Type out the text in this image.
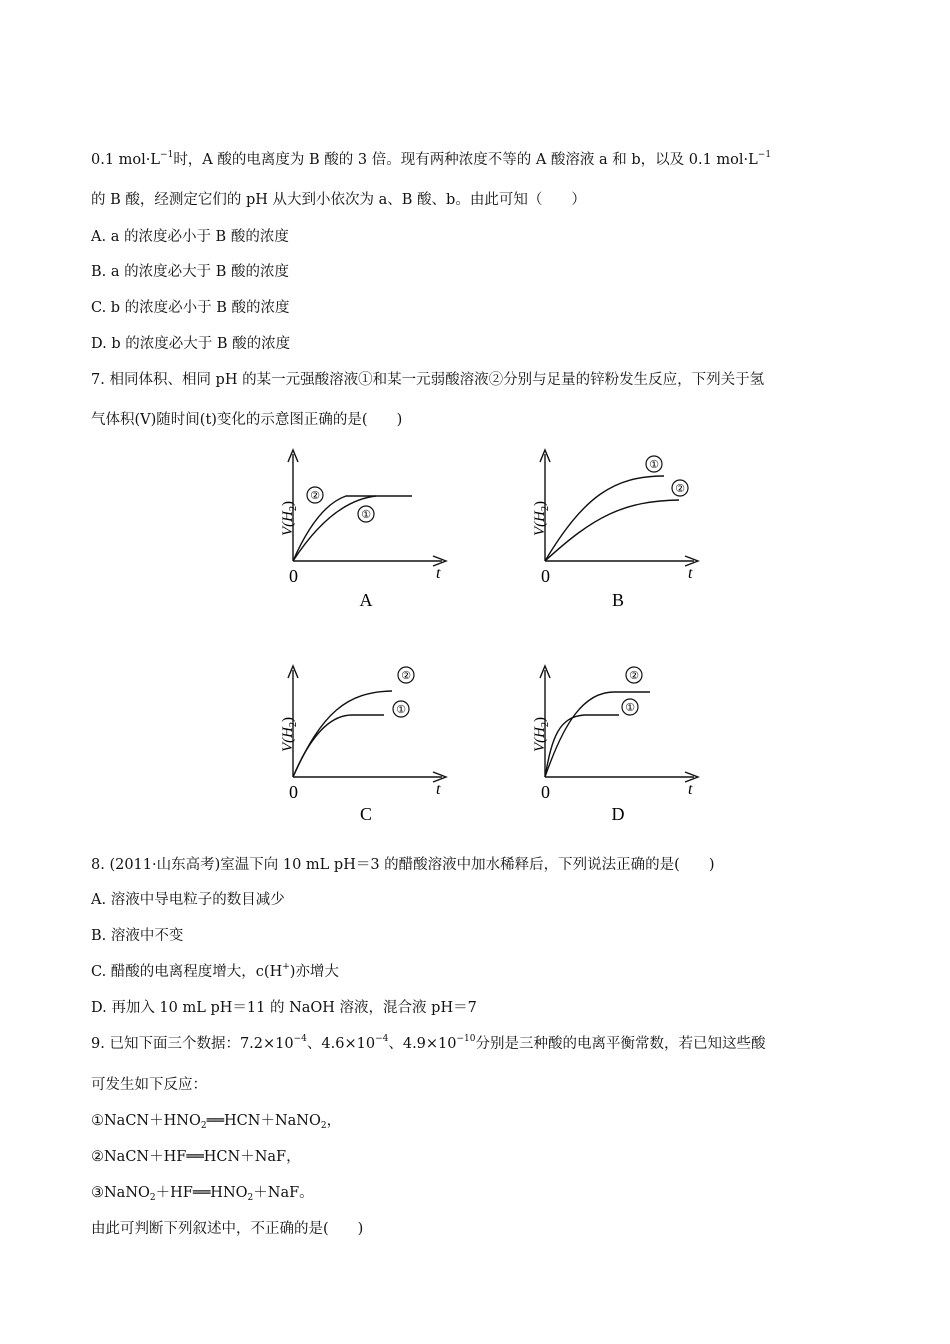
0.1 $mol\cdot L^{-1}$时，A 酸的电离度为 B 酸的 3 倍。现有两种浓度不等的 A 酸溶液 a 和 b，以及 0.1 $mol\cdot L^{-1}$
的 B 酸，经测定它们的 pH 从大到小依次为 a、B 酸、b。由此可知（　　）
A. a 的浓度必小于 B 酸的浓度
B. a 的浓度必大于 B 酸的浓度
C. b 的浓度必小于 B 酸的浓度
D. b 的浓度必大于 B 酸的浓度
7. 相同体积、相同 pH 的某一元强酸溶液①和某一元弱酸溶液②分别与足量的锌粉发生反应，下列关于氢
气体积(V)随时间(t)变化的示意图正确的是(　　)
$V(H_2)$
t
0
②
①
A
$V(H_2)$
t
0
①
②
B
$V(H_2)$
t
0
②
①
C
$V(H_2)$
t
0
②
①
D
8. (2011·山东高考)室温下向 10 mL pH＝3 的醋酸溶液中加水稀释后，下列说法正确的是(　　)
A. 溶液中导电粒子的数目减少
B. 溶液中不变
C. 醋酸的电离程度增大，c(H+)亦增大
D. 再加入 10 mL pH＝11 的 NaOH 溶液，混合液 pH＝7
9. 已知下面三个数据：$7.2\times 10^{-4}$、$4.6\times 10^{-4}$、$4.9\times 10^{-10}$分别是三种酸的电离平衡常数，若已知这些酸
可发生如下反应：
$①NaCN+HNO_2══HCN+NaNO_2$，
②NaCN＋HF══HCN＋NaF，
$③NaNO_2+HF══HNO_2+NaF$。
由此可判断下列叙述中，不正确的是(　　)
